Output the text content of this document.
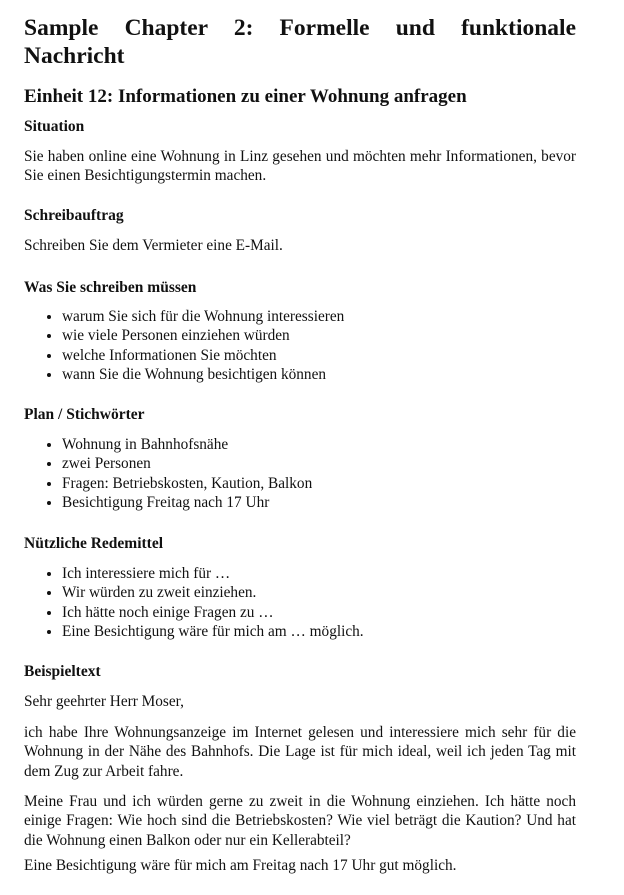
Sample Chapter 2: Formelle und funktionale
Nachricht
Einheit 12: Informationen zu einer Wohnung anfragen
Situation
Sie haben online eine Wohnung in Linz gesehen und möchten mehr Informationen, bevor Sie einen Besichtigungstermin machen.
Schreibauftrag
Schreiben Sie dem Vermieter eine E-Mail.
Was Sie schreiben müssen
• warum Sie sich für die Wohnung interessieren
• wie viele Personen einziehen würden
• welche Informationen Sie möchten
• wann Sie die Wohnung besichtigen können
Plan / Stichwörter
• Wohnung in Bahnhofsnähe
• zwei Personen
• Fragen: Betriebskosten, Kaution, Balkon
• Besichtigung Freitag nach 17 Uhr
Nützliche Redemittel
• Ich interessiere mich für …
• Wir würden zu zweit einziehen.
• Ich hätte noch einige Fragen zu …
• Eine Besichtigung wäre für mich am … möglich.
Beispieltext
Sehr geehrter Herr Moser,
ich habe Ihre Wohnungsanzeige im Internet gelesen und interessiere mich sehr für die Wohnung in der Nähe des Bahnhofs. Die Lage ist für mich ideal, weil ich jeden Tag mit dem Zug zur Arbeit fahre.
Meine Frau und ich würden gerne zu zweit in die Wohnung einziehen. Ich hätte noch einige Fragen: Wie hoch sind die Betriebskosten? Wie viel beträgt die Kaution? Und hat die Wohnung einen Balkon oder nur ein Kellerabteil?
Eine Besichtigung wäre für mich am Freitag nach 17 Uhr gut möglich.
